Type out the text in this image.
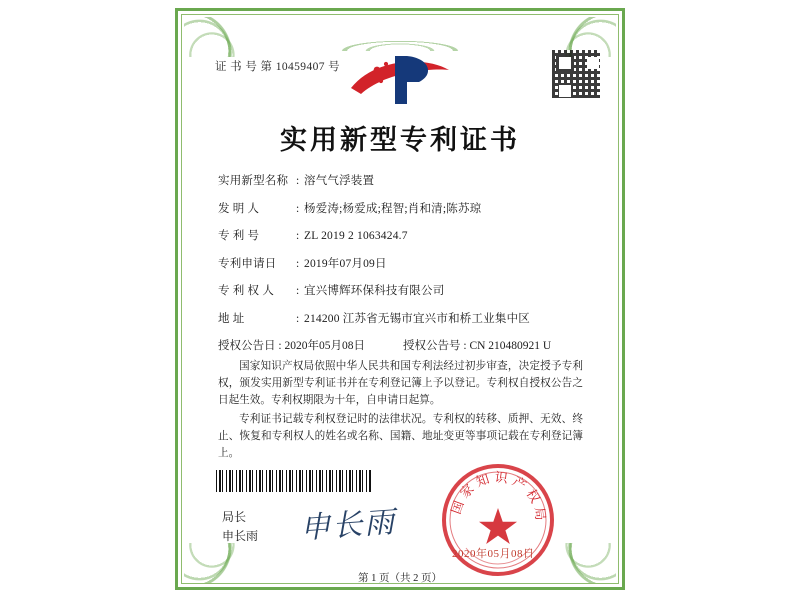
证 书 号 第 10459407 号
实用新型专利证书
实用新型名称 : 溶气气浮装置
发 明 人	: 杨爱涛;杨爱成;程智;肖和清;陈苏琼
专 利 号	: ZL 2019 2 1063424.7
专利申请日	: 2019年07月09日
专 利 权 人	: 宜兴博辉环保科技有限公司
地 址	: 214200 江苏省无锡市宜兴市和桥工业集中区
授权公告日 : 2020年05月08日	授权公告号 : CN 210480921 U

国家知识产权局依照中华人民共和国专利法经过初步审查，决定授予专利权，颁发实用新型专利证书并在专利登记簿上予以登记。专利权自授权公告之日起生效。专利权期限为十年，自申请日起算。

专利证书记载专利权登记时的法律状况。专利权的转移、质押、无效、终止、恢复和专利权人的姓名或名称、国籍、地址变更等事项记载在专利登记簿上。

局长
申长雨 申长雨	国家知识产权局
2020年05月08日
第 1 页（共 2 页）
